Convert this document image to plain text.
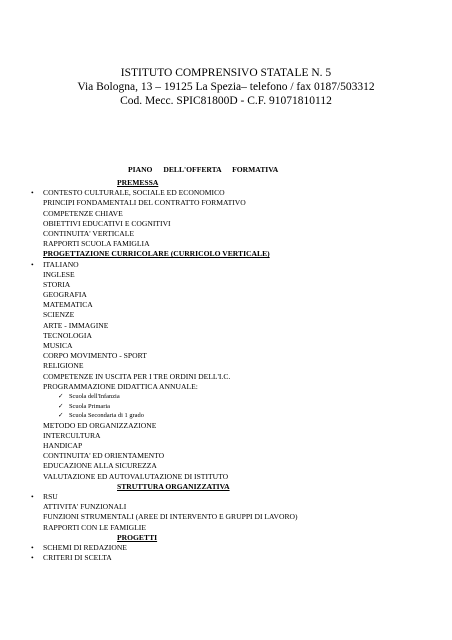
ISTITUTO COMPRENSIVO STATALE N. 5
Via Bologna, 13 – 19125 La Spezia– telefono / fax 0187/503312
Cod. Mecc. SPIC81800D - C.F. 91071810112
PIANO DELL'OFFERTA FORMATIVA
PREMESSA
• CONTESTO CULTURALE, SOCIALE ED ECONOMICO
PRINCIPI FONDAMENTALI DEL CONTRATTO FORMATIVO
COMPETENZE CHIAVE
OBIETTIVI EDUCATIVI E COGNITIVI
CONTINUITA' VERTICALE
RAPPORTI SCUOLA FAMIGLIA
PROGETTAZIONE CURRICOLARE (CURRICOLO VERTICALE)
• ITALIANO
INGLESE
STORIA
GEOGRAFIA
MATEMATICA
SCIENZE
ARTE - IMMAGINE
TECNOLOGIA
MUSICA
CORPO MOVIMENTO - SPORT
RELIGIONE
COMPETENZE IN USCITA PER I TRE ORDINI DELL'I.C.
PROGRAMMAZIONE DIDATTICA ANNUALE:
✓ Scuola dell'Infanzia
✓ Scuola Primaria
✓ Scuola Secondaria di 1 grado
METODO ED ORGANIZZAZIONE
INTERCULTURA
HANDICAP
CONTINUITA' ED ORIENTAMENTO
EDUCAZIONE ALLA SICUREZZA
VALUTAZIONE ED AUTOVALUTAZIONE DI ISTITUTO
STRUTTURA ORGANIZZATIVA
• RSU
ATTIVITA' FUNZIONALI
FUNZIONI STRUMENTALI (AREE DI INTERVENTO E GRUPPI DI LAVORO)
RAPPORTI CON LE FAMIGLIE
PROGETTI
• SCHEMI DI REDAZIONE
• CRITERI DI SCELTA
